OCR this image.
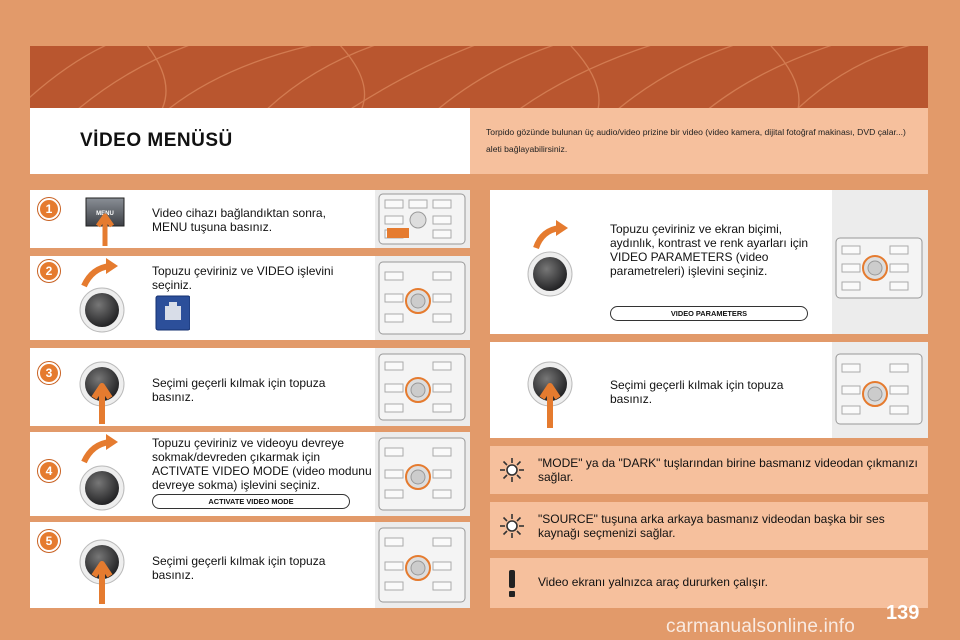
VİDEO MENÜSÜ	Torpido gözünde bulunan üç audio/video prizine bir video (video kamera, dijital fotoğraf makinası, DVD çalar...) aleti bağlayabilirsiniz.
1	MENU	Video cihazı bağlandıktan sonra, MENU tuşuna basınız.
2	Topuzu çeviriniz ve VIDEO işlevini seçiniz.
3
Seçimi geçerli kılmak için topuza basınız.
4
Topuzu çeviriniz ve videoyu devreye sokmak/devreden çıkarmak için ACTIVATE VIDEO MODE (video modunu devreye sokma) işlevini seçiniz.
ACTIVATE VIDEO MODE
5
Seçimi geçerli kılmak için topuza basınız.
Topuzu çeviriniz ve ekran biçimi, aydınlık, kontrast ve renk ayarları için VIDEO PARAMETERS (video parametreleri) işlevini seçiniz.
VIDEO PARAMETERS
Seçimi geçerli kılmak için topuza basınız.
"MODE" ya da "DARK" tuşlarından birine basmanız videodan çıkmanızı sağlar.
"SOURCE" tuşuna arka arkaya basmanız videodan başka bir ses kaynağı seçmenizi sağlar.
Video ekranı yalnızca araç dururken çalışır.
139
carmanualsonline.info
